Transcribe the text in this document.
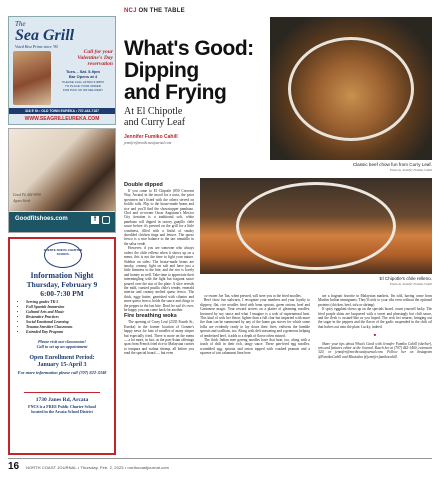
NCJ ON THE TABLE
The
Sea Grill
Voted Best Prime since '90
Call for your
Valentine's Day
reservation
Tues. - Sat. 5-9pm
Bar Opens at 4
PLEASE CALL AFTER 3:30PM
TO PLACE YOUR ORDER
FOR PICK UP OR DELIVERY
316 E St • OLD TOWN EUREKA • 707-443-7187
WWW.SEAGRILLEUREKA.COM
Good Fit 444-9090
Agnes Stroh
Goodfitshoes.com	f
FUENTE NUEVA CHARTER SCHOOL
Information Night
Thursday, February 9
6:00-7:30 PM
• Serving grades TK-5
• Full Spanish Immersion
• Cultural Arts and Music
• Restorative Practices
• Social Emotional Learning
• Trauma Sensitive Classrooms
• Extended Day Program
Please visit our classrooms!
Call to set up an appointment
Open Enrollment Period:
January 15-April 3
For more information please call (707) 822-3348
1730 Janes Rd, Arcata
FNCS is a FREE Public Charter School
located in the Arcata School District
What's Good:
Dipping
and Frying
At El Chipotle
and Curry Leaf
Jennifer Fumiko Cahill
jennifer@northcoastjournal.com
Classic beef chow fun from Curry Leaf.
Photo by Jennifer Fumiko Cahill
El Chipotle's chile relleno.
Photo by Jennifer Fumiko Cahill
Double dipped

If you came to El Chipotle (850 Crescent Way, Arcata) in the mood for a torta, the prior specimen isn't listed with the others served on bolillo rolls. Flip to the house-made beans and rice and you'll find the showstopper pambazo. Chef and co-owner Oscar Anguiano's Mexico City iteration is a traditional soft, white pambazo roll dipped in savory guajillo chile sauce before it's pressed on the grill for a little crustiness, filled with a fistful of smoky shredded chicken tinga and lettuce. The queso fresco is a nice balance to the tart tomatillo in the salsa verde.

However, if you are someone who always orders the chile relleno when it shows up on a menu, this is not the time to fight your nature. Sidebar on sides: The house-made beans are smoky, creamy, light on salt and have just a little firmness to the bite, and the rice is lovely and homey as well. Take time to appreciate their intermingling with the light but fragrant sauce poured over the star of the plate. A slice reveals the mild, roasted pasilla chile's tender, emerald interior and creamy melted queso fresco. The thick, eggy batter, garnished with cilantro and more queso fresco, holds the sauce and clings to the pepper to the last bite. Don't be sad it's over; be happy you can come back for another.

Fire breathing woks

The opening of Curry Leaf (2335 Fourth St., Eureka) in the former location of Gonnie's happy news for fans of noodles of many stripes but especially fried. There is more on the menu — a lot more, in fact, as the pan-Asian offerings span from French fried rice to Malaysian curries to tempura and walnut shrimp, all before you read the special board — but even

co-owner Joe Tan, when pressed, will steer you to the fried noodles.

Beef chow fun stalwarts, I recognize your numbers and your loyalty to slippery, flat, rice noodles fried with bean sprouts, green onions, beef and Cantonese magic. Your reward arrives on a platter of gleaming noodles, browned by soy sauce and what I imagine is a wok of supernatural heat. This kind of wok hei flavor, lighter than a full char but imparted with more fire than can be summoned by any of the home gas stoves for which some folks are evidently ready to lay down their lives, enlivens the humble sprouts and scallions, too. Along with deft seasoning and a generous helping of tenderized beef, it adds to a depth of flavor often missed.

The thick Indian mee goreng noodles have that heat, too, along with a touch of chili in their rich, tangy sauce. These pan-fried egg noodles, scrambled egg, sprouts and onion topped with crushed peanuts and a squeeze of tart calamansi lime here

are a fragrant favorite in Malaysian markets, I'm told, having come from Muslim Indian immigrants. They'll stick to your ribs even without the optional proteins (chicken, beef, tofu or shrimp).

If spicy eggplant shows up on the specials board, count yourself lucky. The fried purple skins are lacquered with a sweet and pleasingly hot chili sauce, and the flesh is custard-like as you hoped. The wok hei returns, bringing out the sugar in the peppers and the flavor of the garlic suspended in the chili oil that halves out onto the plate. Lucky, indeed.

■

Share your tips about What's Good with Jennifer Fumiko Cahill (she/her), arts and features editor at the Journal. Reach her at (707) 442-1400, extension 320, or jennifer@northcoastjournal.com. Follow her on Instagram @FumikoCahill and Mastodon @jennifer.fumikocahill.

16 NORTH COAST JOURNAL • Thursday, Feb. 2, 2023 • northcoastjournal.com
